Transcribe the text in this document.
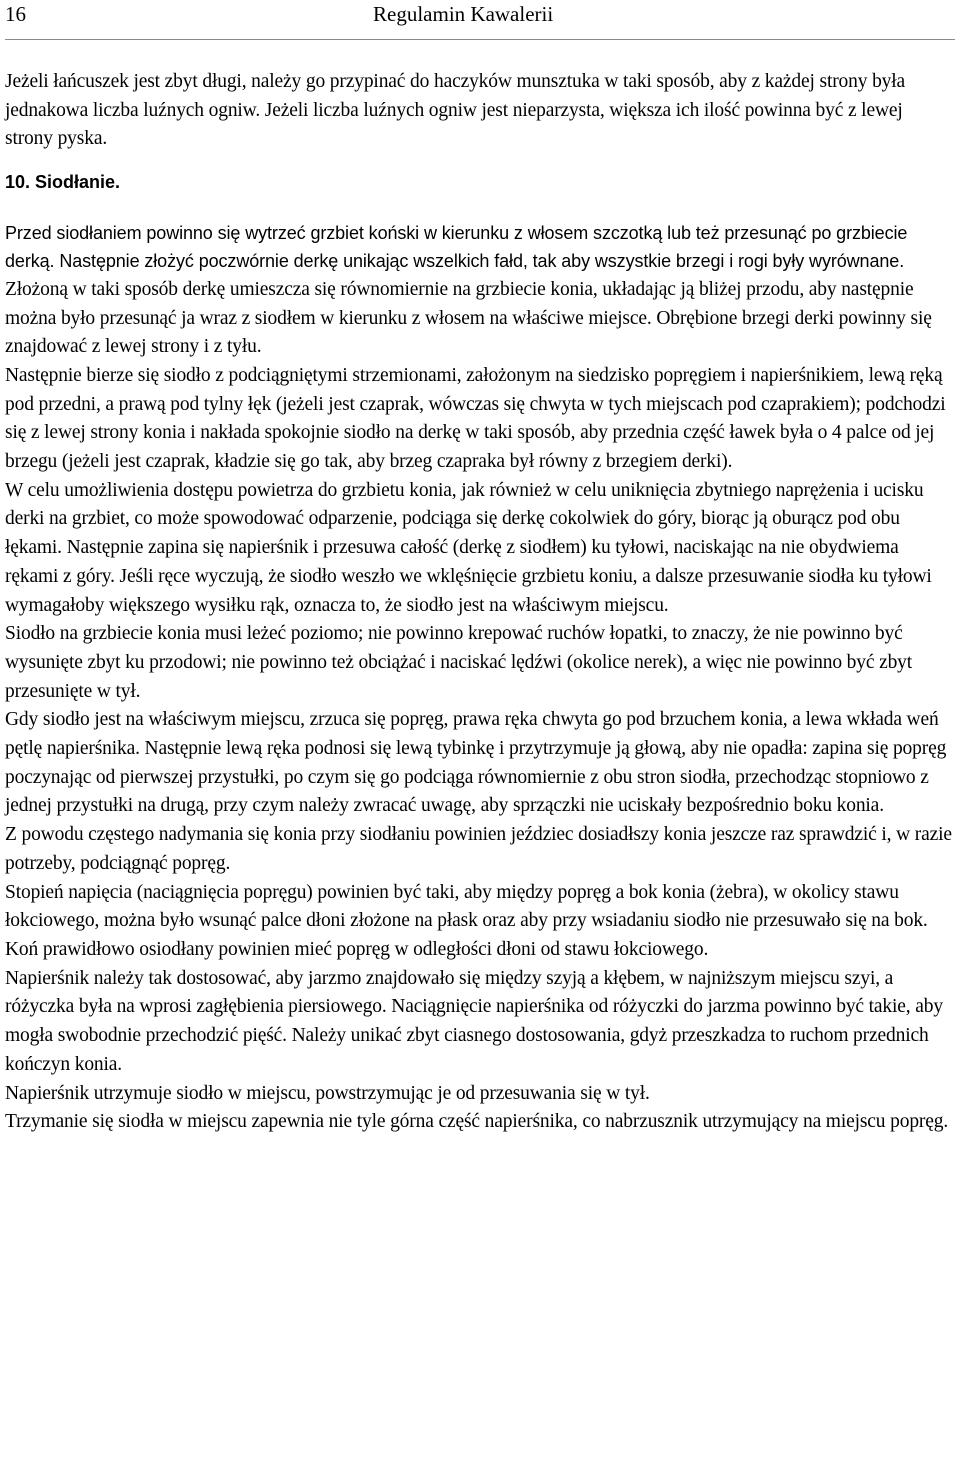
16	Regulamin Kawalerii

Jeżeli łańcuszek jest zbyt długi, należy go przypinać do haczyków munsztuka w taki sposób, aby z każdej strony była jednakowa liczba luźnych ogniw. Jeżeli liczba luźnych ogniw jest nieparzysta, większa ich ilość powinna być z lewej strony pyska.

10. Siodłanie.

Przed siodłaniem powinno się wytrzeć grzbiet koński w kierunku z włosem szczotką lub też przesunąć po grzbiecie derką. Następnie złożyć poczwórnie derkę unikając wszelkich fałd, tak aby wszystkie brzegi i rogi były wyrównane.

Złożoną w taki sposób derkę umieszcza się równomiernie na grzbiecie konia, układając ją bliżej przodu, aby następnie można było przesunąć ja wraz z siodłem w kierunku z włosem na właściwe miejsce. Obrębione brzegi derki powinny się znajdować z lewej strony i z tyłu.

Następnie bierze się siodło z podciągniętymi strzemionami, założonym na siedzisko popręgiem i napierśnikiem, lewą ręką pod przedni, a prawą pod tylny łęk (jeżeli jest czaprak, wówczas się chwyta w tych miejscach pod czaprakiem); podchodzi się z lewej strony konia i nakłada spokojnie siodło na derkę w taki sposób, aby przednia część ławek była o 4 palce od jej brzegu (jeżeli jest czaprak, kładzie się go tak, aby brzeg czapraka był równy z brzegiem derki).

W celu umożliwienia dostępu powietrza do grzbietu konia, jak również w celu uniknięcia zbytniego naprężenia i ucisku derki na grzbiet, co może spowodować odparzenie, podciąga się derkę cokolwiek do góry, biorąc ją oburącz pod obu łękami. Następnie zapina się napierśnik i przesuwa całość (derkę z siodłem) ku tyłowi, naciskając na nie obydwiema rękami z góry. Jeśli ręce wyczują, że siodło weszło we wklęśnięcie grzbietu koniu, a dalsze przesuwanie siodła ku tyłowi wymagałoby większego wysiłku rąk, oznacza to, że siodło jest na właściwym miejscu.

Siodło na grzbiecie konia musi leżeć poziomo; nie powinno krepować ruchów łopatki, to znaczy, że nie powinno być wysunięte zbyt ku przodowi; nie powinno też obciążać i naciskać lędźwi (okolice nerek), a więc nie powinno być zbyt przesunięte w tył.

Gdy siodło jest na właściwym miejscu, zrzuca się popręg, prawa ręka chwyta go pod brzuchem konia, a lewa wkłada weń pętlę napierśnika. Następnie lewą ręka podnosi się lewą tybinkę i przytrzymuje ją głową, aby nie opadła: zapina się popręg poczynając od pierwszej przystułki, po czym się go podciąga równomiernie z obu stron siodła, przechodząc stopniowo z jednej przystułki na drugą, przy czym należy zwracać uwagę, aby sprzączki nie uciskały bezpośrednio boku konia.

Z powodu częstego nadymania się konia przy siodłaniu powinien jeździec dosiadłszy konia jeszcze raz sprawdzić i, w razie potrzeby, podciągnąć popręg.

Stopień napięcia (naciągnięcia popręgu) powinien być taki, aby między popręg a bok konia (żebra), w okolicy stawu łokciowego, można było wsunąć palce dłoni złożone na płask oraz aby przy wsiadaniu siodło nie przesuwało się na bok.

Koń prawidłowo osiodłany powinien mieć popręg w odległości dłoni od stawu łokciowego.

Napierśnik należy tak dostosować, aby jarzmo znajdowało się między szyją a kłębem, w najniższym miejscu szyi, a różyczka była na wprosi zagłębienia piersiowego. Naciągnięcie napierśnika od różyczki do jarzma powinno być takie, aby mogła swobodnie przechodzić pięść. Należy unikać zbyt ciasnego dostosowania, gdyż przeszkadza to ruchom przednich kończyn konia.

Napierśnik utrzymuje siodło w miejscu, powstrzymując je od przesuwania się w tył.

Trzymanie się siodła w miejscu zapewnia nie tyle górna część napierśnika, co nabrzusznik utrzymujący na miejscu popręg.
